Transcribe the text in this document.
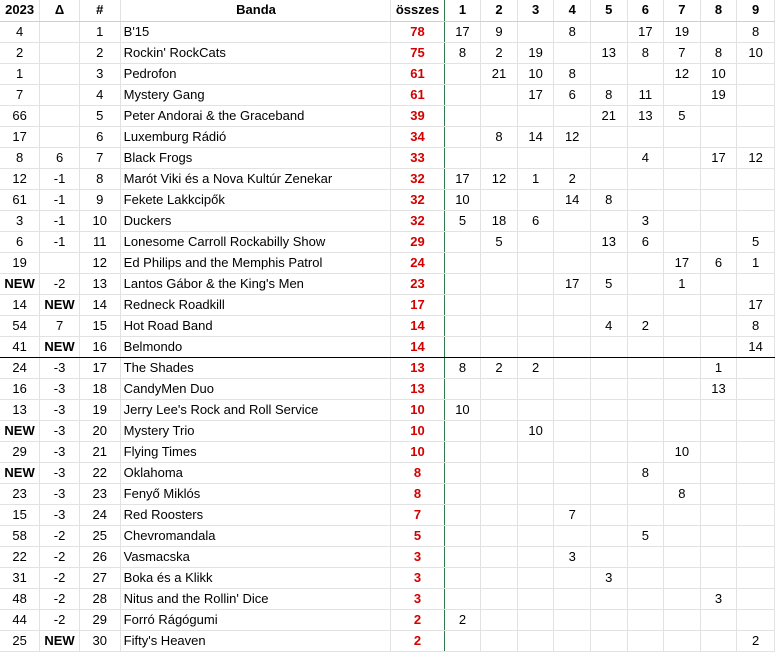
2023	Δ	#	Banda	összes	1	2	3	4	5	6	7	8	9
4		1	B'15	78	17	9		8		17	19		8
2		2	Rockin' RockCats	75	8	2	19		13	8	7	8	10
1		3	Pedrofon	61		21	10	8			12	10	
7		4	Mystery Gang	61			17	6	8	11		19	
66		5	Peter Andorai & the Graceband	39					21	13	5		
17		6	Luxemburg Rádió	34		8	14	12					
8	6	7	Black Frogs	33						4		17	12
12	-1	8	Marót Viki és a Nova Kultúr Zenekar	32	17	12	1	2					
61	-1	9	Fekete Lakkcipők	32	10			14	8				
3	-1	10	Duckers	32	5	18	6			3			
6	-1	11	Lonesome Carroll Rockabilly Show	29		5			13	6			5
19		12	Ed Philips and the Memphis Patrol	24							17	6	1
NEW	-2	13	Lantos Gábor & the King's Men	23				17	5		1		
14	NEW	14	Redneck Roadkill	17									17
54	7	15	Hot Road Band	14					4	2			8
41	NEW	16	Belmondo	14									14
24	-3	17	The Shades	13	8	2	2					1	
16	-3	18	CandyMen Duo	13								13	
13	-3	19	Jerry Lee's Rock and Roll Service	10	10								
NEW	-3	20	Mystery Trio	10			10						
29	-3	21	Flying Times	10							10		
NEW	-3	22	Oklahoma	8						8			
23	-3	23	Fenyő Miklós	8							8		
15	-3	24	Red Roosters	7				7					
58	-2	25	Chevromandala	5						5			
22	-2	26	Vasmacska	3				3					
31	-2	27	Boka és a Klikk	3					3				
48	-2	28	Nitus and the Rollin' Dice	3								3	
44	-2	29	Forró Rágógumi	2	2								
25	NEW	30	Fifty's Heaven	2									2
